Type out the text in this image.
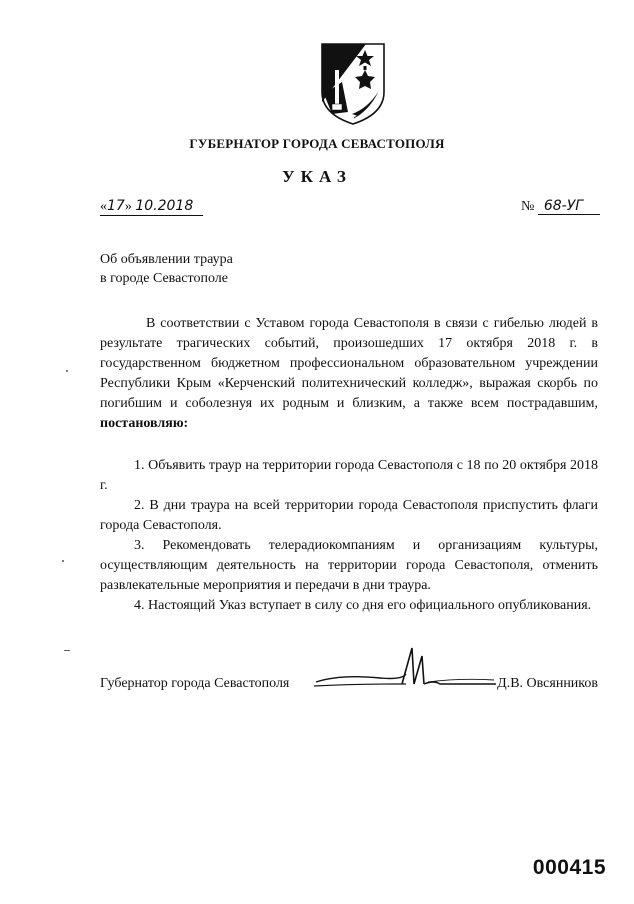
ГУБЕРНАТОР ГОРОДА СЕВАСТОПОЛЯ
УКАЗ
«17» 10.2018	№ 68-УГ
Об объявлении траура
в городе Севастополе
В соответствии с Уставом города Севастополя в связи с гибелью людей в результате трагических событий, произошедших 17 октября 2018 г. в государственном бюджетном профессиональном образовательном учреждении Республики Крым «Керченский политехнический колледж», выражая скорбь по погибшим и соболезнуя их родным и близким, а также всем пострадавшим, постановляю:

1. Объявить траур на территории города Севастополя с 18 по 20 октября 2018 г.

2. В дни траура на всей территории города Севастополя приспустить флаги города Севастополя.

3. Рекомендовать телерадиокомпаниям и организациям культуры, осуществляющим деятельность на территории города Севастополя, отменить развлекательные мероприятия и передачи в дни траура.

4. Настоящий Указ вступает в силу со дня его официального опубликования.

Губернатор города Севастополя	Д.В. Овсянников
000415
